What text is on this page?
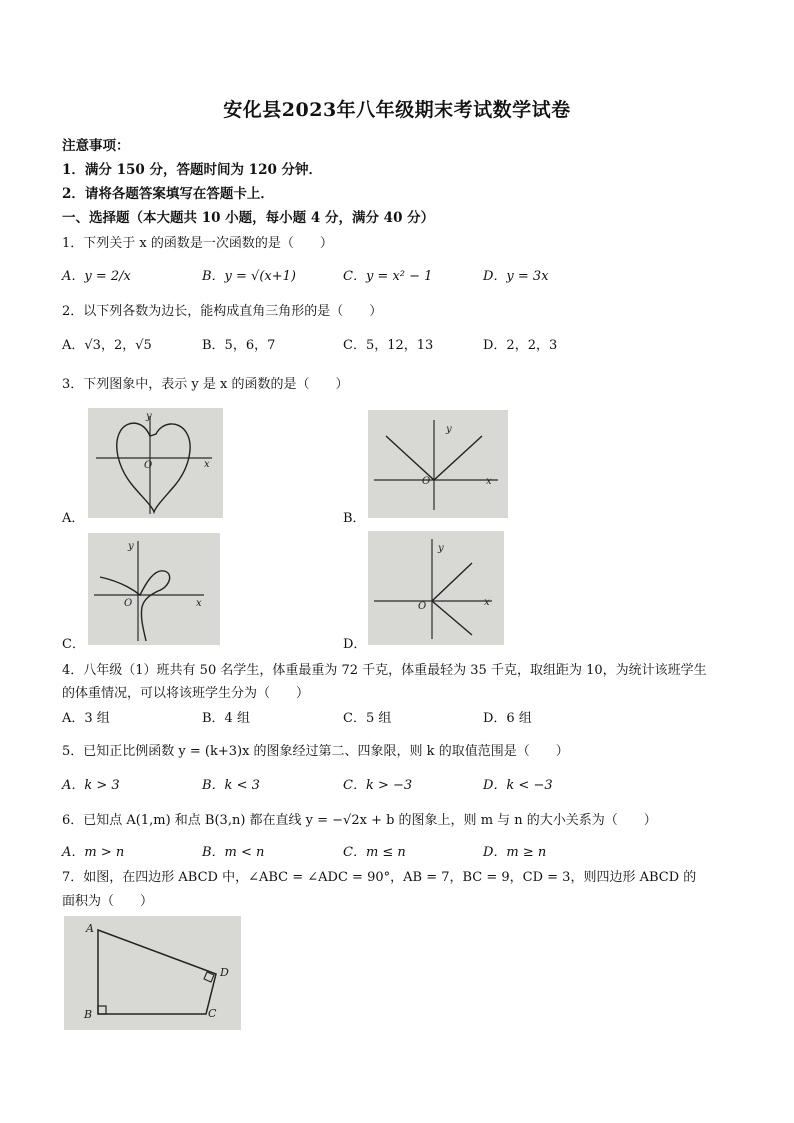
安化县2023年八年级期末考试数学试卷
注意事项：
1．满分 150 分，答题时间为 120 分钟．
2．请将各题答案填写在答题卡上．
一、选择题（本大题共 10 小题，每小题 4 分，满分 40 分）
1．下列关于 x 的函数是一次函数的是（　　）
A．y = 2/x	B．y = √(x+1)	C．y = x² − 1	D．y = 3x
2．以下列各数为边长，能构成直角三角形的是（　　）
A．√3，2，√5	B．5，6，7	C．5，12，13	D．2，2，3
3．下列图象中，表示 y 是 x 的函数的是（　　）
y
x
O
A．
y
x
O
B．
y
x
O
C．
y
x
O
D．
4．八年级（1）班共有 50 名学生，体重最重为 72 千克，体重最轻为 35 千克，取组距为 10，为统计该班学生
的体重情况，可以将该班学生分为（　　）
A．3 组	B．4 组	C．5 组	D．6 组
5．已知正比例函数 y = (k+3)x 的图象经过第二、四象限，则 k 的取值范围是（　　）
A．k > 3	B．k < 3	C．k > −3	D．k < −3
6．已知点 A(1,m) 和点 B(3,n) 都在直线 y = −√2x + b 的图象上，则 m 与 n 的大小关系为（　　）
A．m > n	B．m < n	C．m ≤ n	D．m ≥ n
7．如图，在四边形 ABCD 中，∠ABC = ∠ADC = 90°，AB = 7，BC = 9，CD = 3，则四边形 ABCD 的
面积为（　　）
A
B	C
D
